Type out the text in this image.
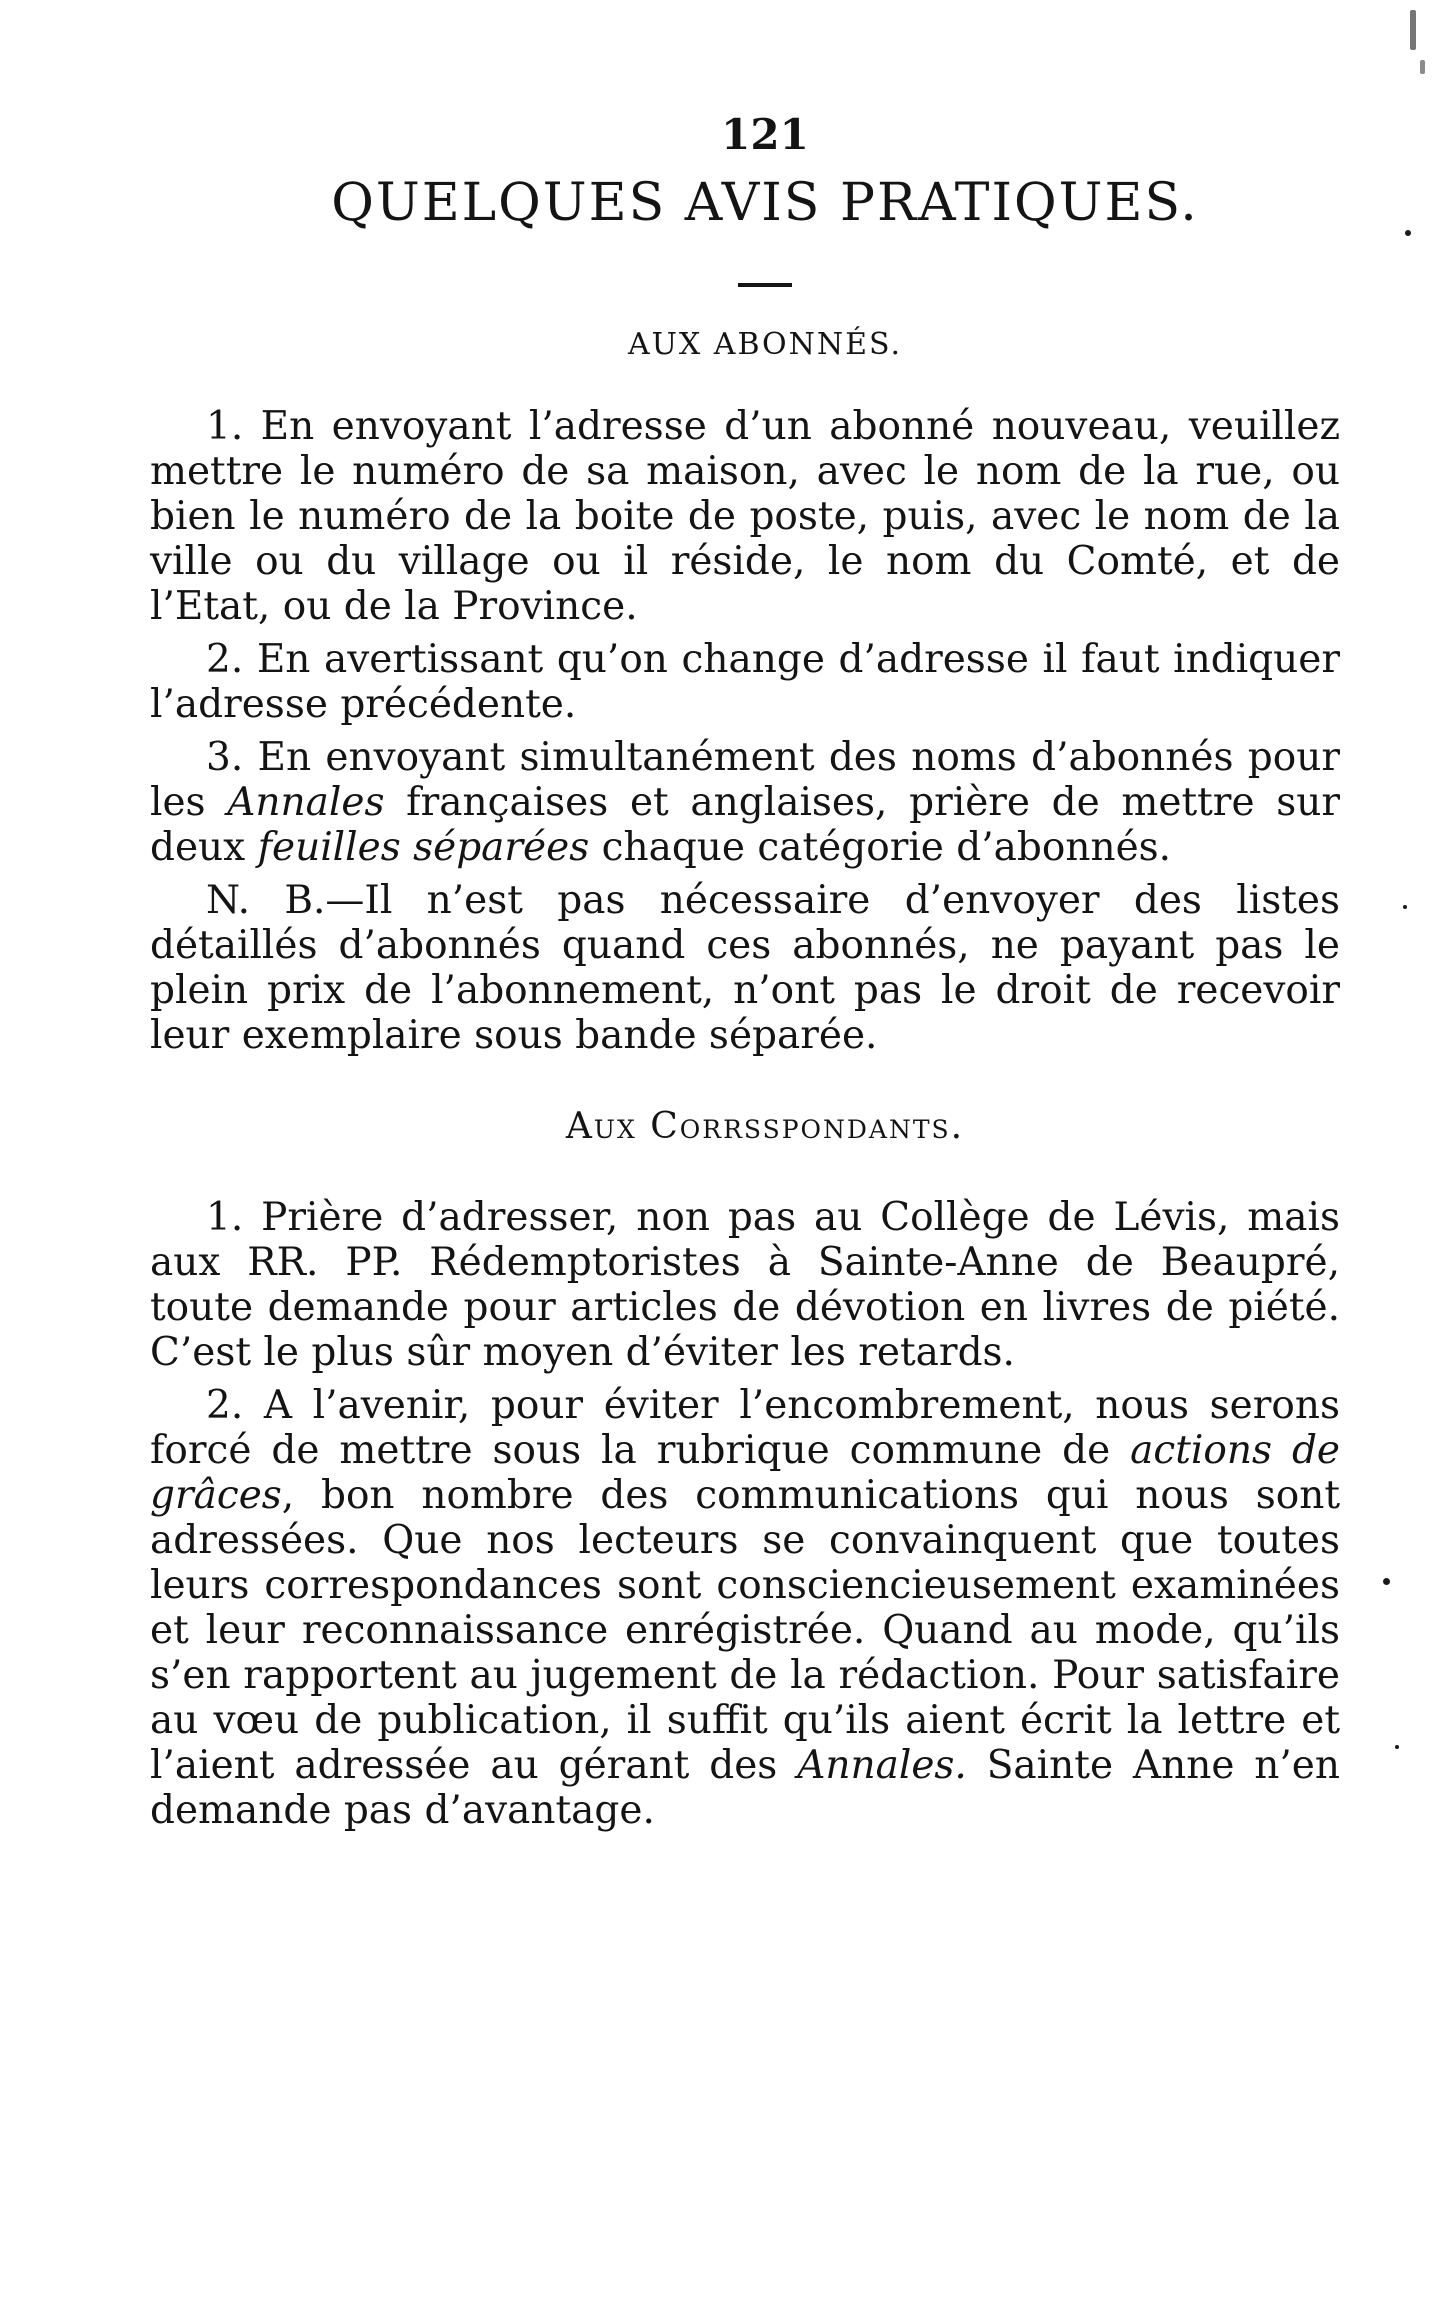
121
QUELQUES AVIS PRATIQUES.
AUX ABONNÉS.

1. En envoyant l’adresse d’un abonné nouveau, veuillez mettre le numéro de sa maison, avec le nom de la rue, ou bien le numéro de la boite de poste, puis, avec le nom de la ville ou du village ou il réside, le nom du Comté, et de l’Etat, ou de la Province.

2. En avertissant qu’on change d’adresse il faut indiquer l’adresse précédente.

3. En envoyant simultanément des noms d’abonnés pour les Annales françaises et anglaises, prière de mettre sur deux feuilles séparées chaque catégorie d’abonnés.

N. B.—Il n’est pas nécessaire d’envoyer des listes détaillés d’abonnés quand ces abonnés, ne payant pas le plein prix de l’abonnement, n’ont pas le droit de recevoir leur exemplaire sous bande séparée.

Aux Corrsspondants.

1. Prière d’adresser, non pas au Collège de Lévis, mais aux RR. PP. Rédemptoristes à Sainte-Anne de Beaupré, toute demande pour articles de dévotion en livres de piété. C’est le plus sûr moyen d’éviter les retards.

2. A l’avenir, pour éviter l’encombrement, nous serons forcé de mettre sous la rubrique commune de actions de grâces, bon nombre des communications qui nous sont adressées. Que nos lecteurs se convainquent que toutes leurs correspondances sont consciencieusement examinées et leur reconnaissance enrégistrée. Quand au mode, qu’ils s’en rapportent au jugement de la rédaction. Pour satisfaire au vœu de publication, il suffit qu’ils aient écrit la lettre et l’aient adressée au gérant des Annales. Sainte Anne n’en demande pas d’avantage.
